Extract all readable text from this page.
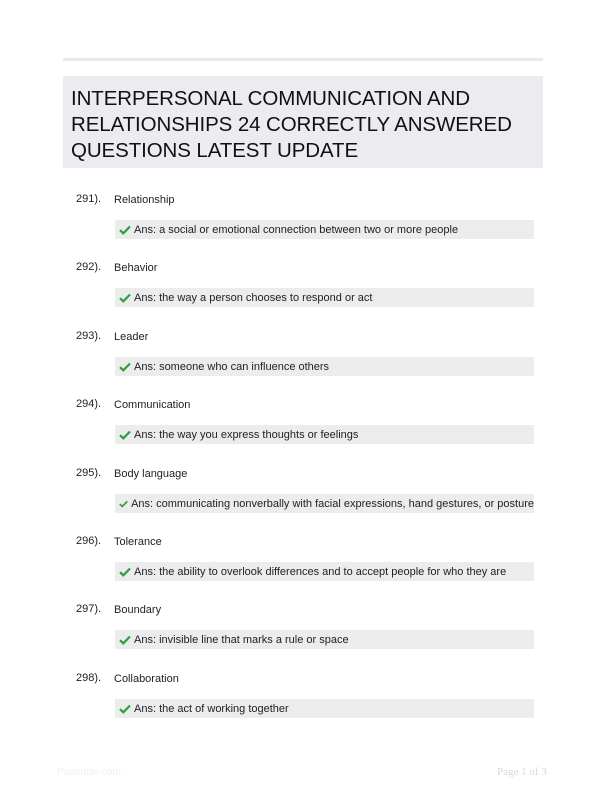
INTERPERSONAL COMMUNICATION AND RELATIONSHIPS 24 CORRECTLY ANSWERED QUESTIONS LATEST UPDATE
291). Relationship
Ans: a social or emotional connection between two or more people
292). Behavior
Ans: the way a person chooses to respond or act
293). Leader
Ans: someone who can influence others
294). Communication
Ans: the way you express thoughts or feelings
295). Body language
Ans: communicating nonverbally with facial expressions, hand gestures, or posture
296). Tolerance
Ans: the ability to overlook differences and to accept people for who they are
297). Boundary
Ans: invisible line that marks a rule or space
298). Collaboration
Ans: the act of working together
Papertitle.com	Page 1 of 3
